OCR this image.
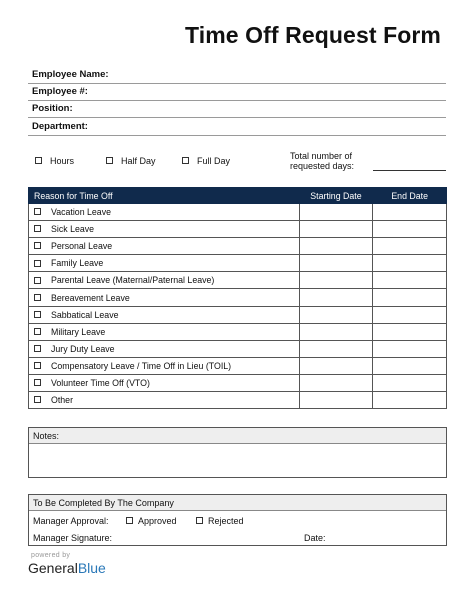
Time Off Request Form
Employee Name:
Employee #:
Position:
Department:
Hours	Half Day	Full Day	Total number of
requested days:
Reason for Time Off	Starting Date	End Date
Vacation Leave		
Sick Leave		
Personal Leave		
Family Leave		
Parental Leave (Maternal/Paternal Leave)		
Bereavement Leave		
Sabbatical Leave		
Military Leave		
Jury Duty Leave		
Compensatory Leave / Time Off in Lieu (TOIL)		
Volunteer Time Off (VTO)		
Other		
Notes:
To Be Completed By The Company
Manager Approval:	Approved	Rejected
Manager Signature:	Date:
powered by
GeneralBlue
